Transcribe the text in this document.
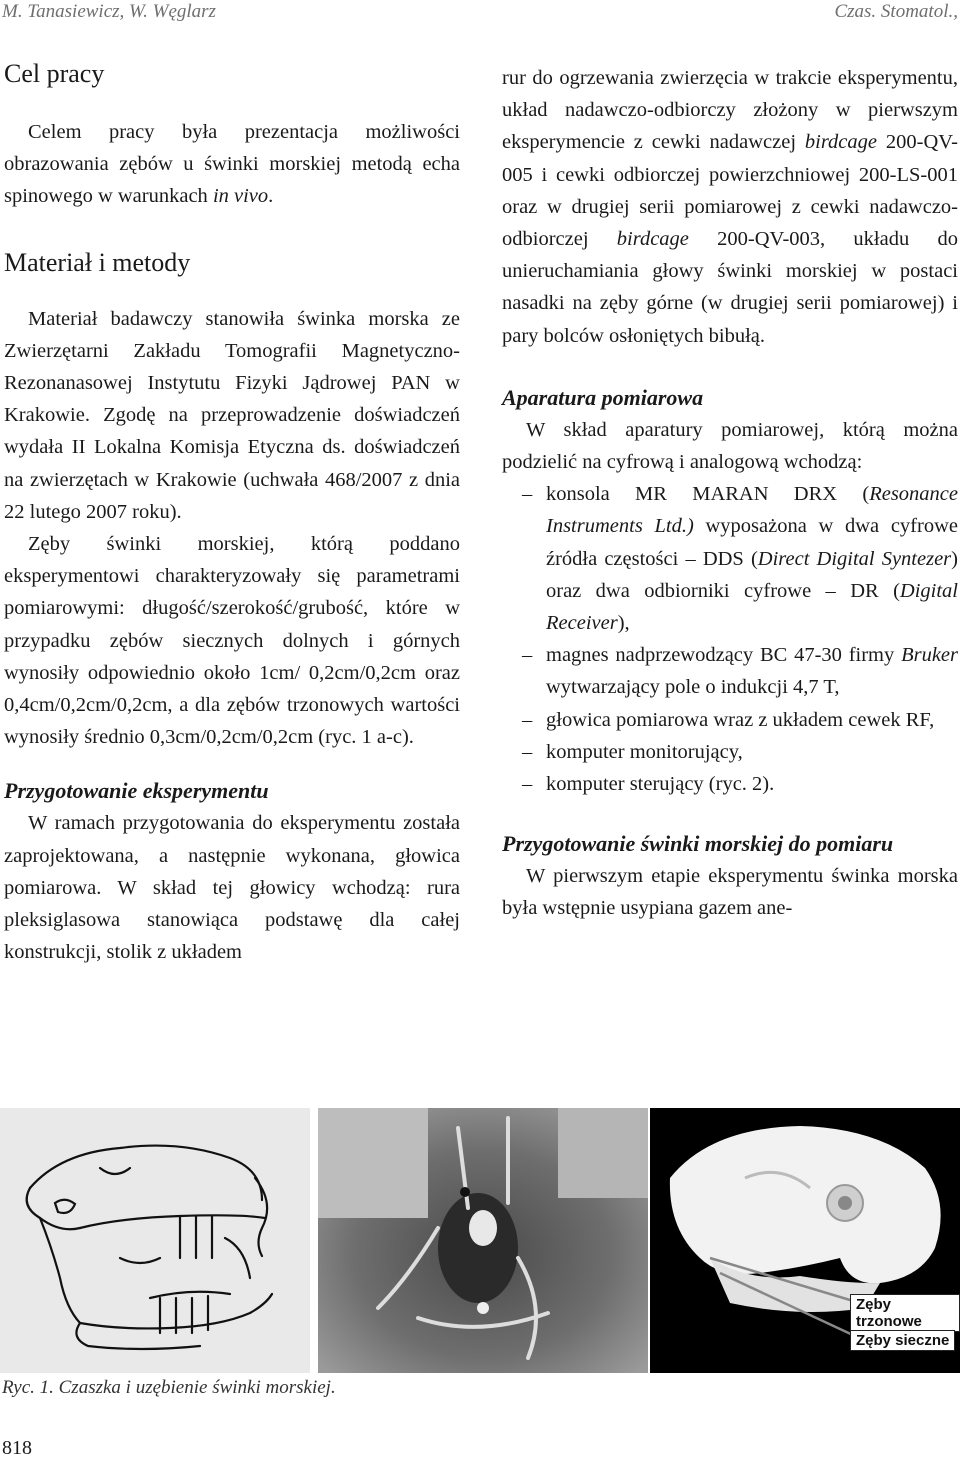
M. Tanasiewicz, W. Węglarz	Czas. Stomatol.,
Cel pracy

Celem pracy była prezentacja możliwości obrazowania zębów u świnki morskiej metodą echa spinowego w warunkach in vivo.

Materiał i metody

Materiał badawczy stanowiła świnka morska ze Zwierzętarni Zakładu Tomografii Magnetyczno-Rezonanasowej Instytutu Fizyki Jądrowej PAN w Krakowie. Zgodę na przeprowadzenie doświadczeń wydała II Lokalna Komisja Etyczna ds. doświadczeń na zwierzętach w Krakowie (uchwała 468/2007 z dnia 22 lutego 2007 roku).

Zęby świnki morskiej, którą poddano eksperymentowi charakteryzowały się parametrami pomiarowymi: długość/szerokość/grubość, które w przypadku zębów siecznych dolnych i górnych wynosiły odpowiednio około 1cm/ 0,2cm/0,2cm oraz 0,4cm/0,2cm/0,2cm, a dla zębów trzonowych wartości wynosiły średnio 0,3cm/0,2cm/0,2cm (ryc. 1 a-c).

Przygotowanie eksperymentu

W ramach przygotowania do eksperymentu została zaprojektowana, a następnie wykonana, głowica pomiarowa. W skład tej głowicy wchodzą: rura pleksiglasowa stanowiąca podstawę dla całej konstrukcji, stolik z układem

rur do ogrzewania zwierzęcia w trakcie eksperymentu, układ nadawczo-odbiorczy złożony w pierwszym eksperymencie z cewki nadawczej birdcage 200-QV-005 i cewki odbiorczej powierzchniowej 200-LS-001 oraz w drugiej serii pomiarowej z cewki nadawczo-odbiorczej birdcage 200-QV-003, układu do unieruchamiania głowy świnki morskiej w postaci nasadki na zęby górne (w drugiej serii pomiarowej) i pary bolców osłoniętych bibułą.

Aparatura pomiarowa

W skład aparatury pomiarowej, którą można podzielić na cyfrową i analogową wchodzą:

– konsola MR MARAN DRX (Resonance Instruments Ltd.) wyposażona w dwa cyfrowe źródła częstości – DDS (Direct Digital Syntezer) oraz dwa odbiorniki cyfrowe – DR (Digital Receiver),
– magnes nadprzewodzący BC 47-30 firmy Bruker wytwarzający pole o indukcji 4,7 T,
– głowica pomiarowa wraz z układem cewek RF,
– komputer monitorujący,
– komputer sterujący (ryc. 2).
Przygotowanie świnki morskiej do pomiaru

W pierwszym etapie eksperymentu świnka morska była wstępnie usypiana gazem ane-

Zęby trzonowe
Zęby sieczne
Ryc. 1. Czaszka i uzębienie świnki morskiej.
818
